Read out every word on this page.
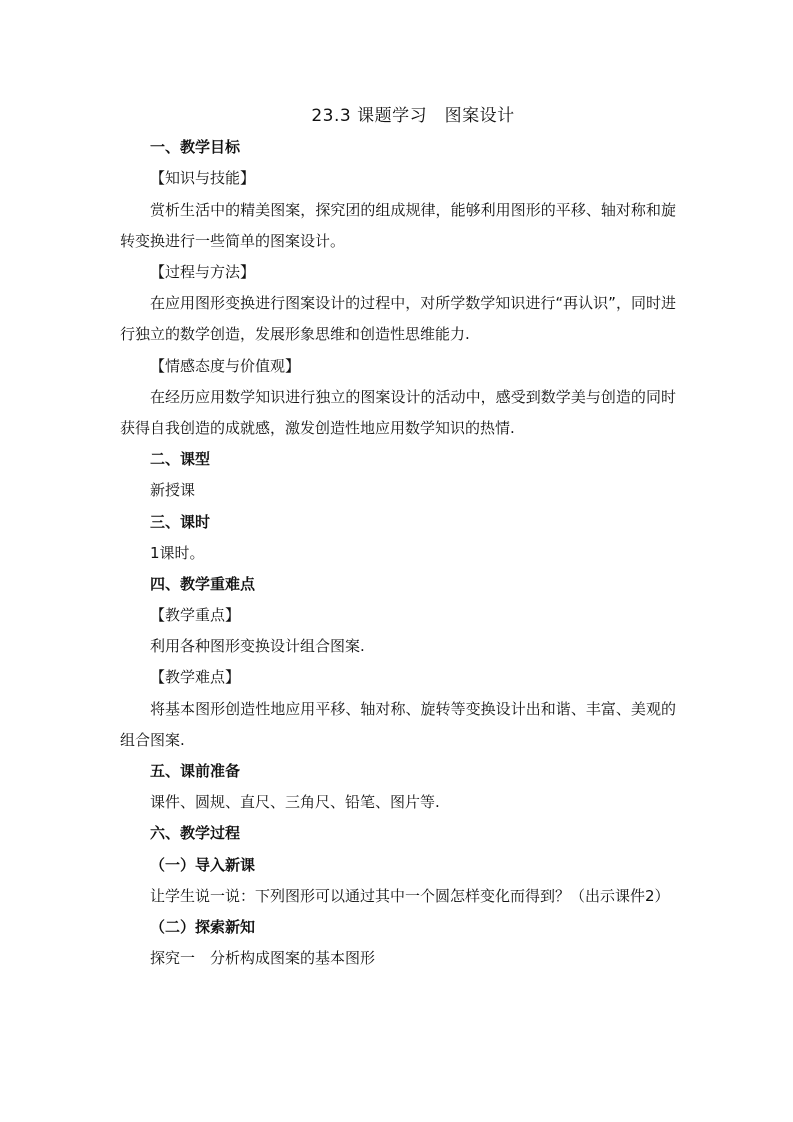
23.3 课题学习　图案设计
一、教学目标
【知识与技能】
赏析生活中的精美图案，探究团的组成规律，能够利用图形的平移、轴对称和旋转变换进行一些简单的图案设计。
【过程与方法】
在应用图形变换进行图案设计的过程中，对所学数学知识进行“再认识”，同时进行独立的数学创造，发展形象思维和创造性思维能力.
【情感态度与价值观】
在经历应用数学知识进行独立的图案设计的活动中，感受到数学美与创造的同时获得自我创造的成就感，激发创造性地应用数学知识的热情.
二、课型
新授课
三、课时
1课时。
四、教学重难点
【教学重点】
利用各种图形变换设计组合图案.
【教学难点】
将基本图形创造性地应用平移、轴对称、旋转等变换设计出和谐、丰富、美观的组合图案.
五、课前准备
课件、圆规、直尺、三角尺、铅笔、图片等.
六、教学过程
（一）导入新课
让学生说一说：下列图形可以通过其中一个圆怎样变化而得到？（出示课件2）
（二）探索新知
探究一　分析构成图案的基本图形
